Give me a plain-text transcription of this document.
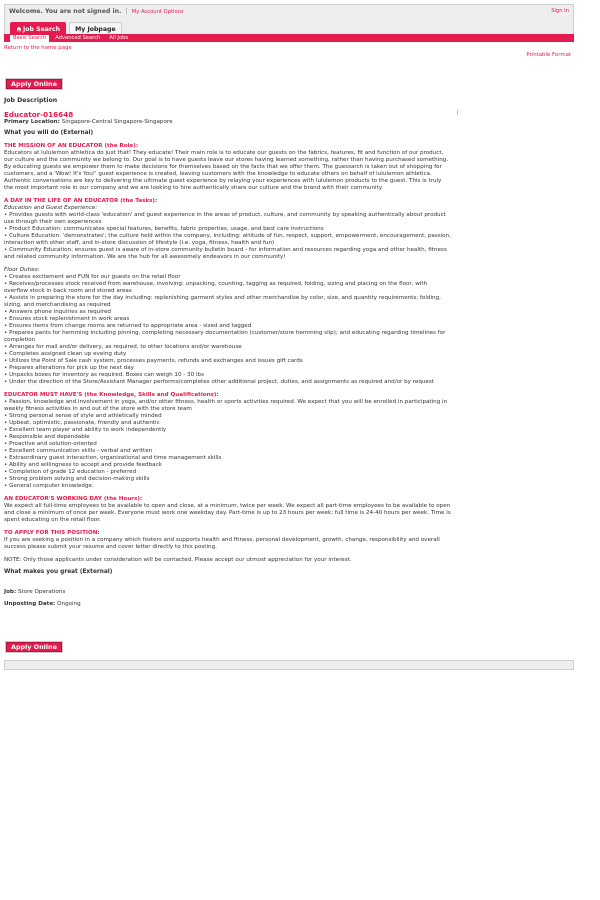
Welcome. You are not signed in. | My Account Options	Sign In
Job Search My Jobpage
Basic Search	Advanced Search	All Jobs
Return to the home page
Printable Format
Apply Online
Job Description
Educator-016648
Primary Location: Singapore-Central Singapore-Singapore
What you will do (External)
THE MISSION OF AN EDUCATOR (the Role):

Educators at lululemon athletica do just that! They educate! Their main role is to educate our guests on the fabrics, features, fit and function of our product, our culture and the community we belong to. Our goal is to have guests leave our stores having learned something, rather than having purchased something. By educating guests we empower them to make decisions for themselves based on the facts that we offer them. The guessarch is taken out of shopping for customers, and a 'Wow! It's You!' guest experience is created, leaving customers with the knowledge to educate others on behalf of lululemon athletica. Authentic conversations are key to delivering the ultimate guest experience by relaying your experiences with lululemon products to the guest. This is truly the most important role in our company and we are looking to hire authentically share our culture and the brand with their community.

A DAY IN THE LIFE OF AN EDUCATOR (the Tasks):
Education and Guest Experience:
• Provides guests with world-class 'education' and guest experience in the areas of product, culture, and community by speaking authentically about product use through their own experiences
• Product Education: communicates special features, benefits, fabric properties, usage, and best care instructions
• Culture Education: 'demonstrates'; the culture held within the company, including: attitude of fun, respect, support, empowerment, encouragement, passion, interaction with other staff, and in-store discussion of lifestyle (i.e. yoga, fitness, health and fun)
• Community Education: ensures guest is aware of in-store community bulletin board - for information and resources regarding yoga and other health, fitness and related community information. We are the hub for all awesomely endeavors in our community!
Floor Duties:
• Creates excitement and FUN for our guests on the retail floor
• Receives/processes stock received from warehouse, involving: unpacking, counting, tagging as required, folding, sizing and placing on the floor, with overflow stock in back room and stored areas
• Assists in preparing the store for the day including: replenishing garment styles and other merchandise by color, size, and quantity requirements; folding, sizing, and merchandising as required
• Answers phone inquiries as required
• Ensures stock replenishment in work areas
• Ensures items from change rooms are returned to appropriate area - sized and tagged
• Prepares pants for hemming including pinning, completing necessary documentation (customer/store hemming slip); and educating regarding timelines for completion
• Arranges for mail and/or delivery, as required, to other locations and/or warehouse
• Completes assigned clean up eveing duty
• Utilizes the Point of Sale cash system, processes payments, refunds and exchanges and issues gift cards
• Prepares alterations for pick up the next day
• Unpacks boxes for inventory as required. Boxes can weigh 10 - 30 lbs
• Under the direction of the Store/Assistant Manager performs/completes other additional project, duties, and assignments as required and/or by request
EDUCATOR MUST HAVE'S (the Knowledge, Skills and Qualifications):
• Passion, knowledge and involvement in yoga, and/or other fitness, health or sports activities required. We expect that you will be enrolled in participating in weekly fitness activities in and out of the store with the store team
• Strong personal sense of style and athletically minded
• Upbeat, optimistic, passionate, friendly and authentic
• Excellent team player and ability to work independently
• Responsible and dependable
• Proactive and solution-oriented
• Excellent communication skills - verbal and written
• Extraordinary guest interaction, organizational and time management skills
• Ability and willingness to accept and provide feedback
• Completion of grade 12 education - preferred
• Strong problem solving and decision-making skills
• General computer knowledge.
AN EDUCATOR'S WORKING DAY (the Hours):

We expect all full-time employees to be available to open and close, at a minimum, twice per week. We expect all part-time employees to be available to open and close a minimum of once per week. Everyone must work one weekday day. Part-time is up to 23 hours per week; full time is 24-40 hours per week. Time is spent educating on the retail floor.

TO APPLY FOR THIS POSITION:

If you are seeking a position in a company which fosters and supports health and fitness, personal development, growth, change, responsibility and overall success please submit your resume and cover letter directly to this posting.

NOTE: Only those applicants under consideration will be contacted. Please accept our utmost appreciation for your interest.

What makes you great (External)
Job: Store Operations
Unposting Date: Ongoing
Apply Online
